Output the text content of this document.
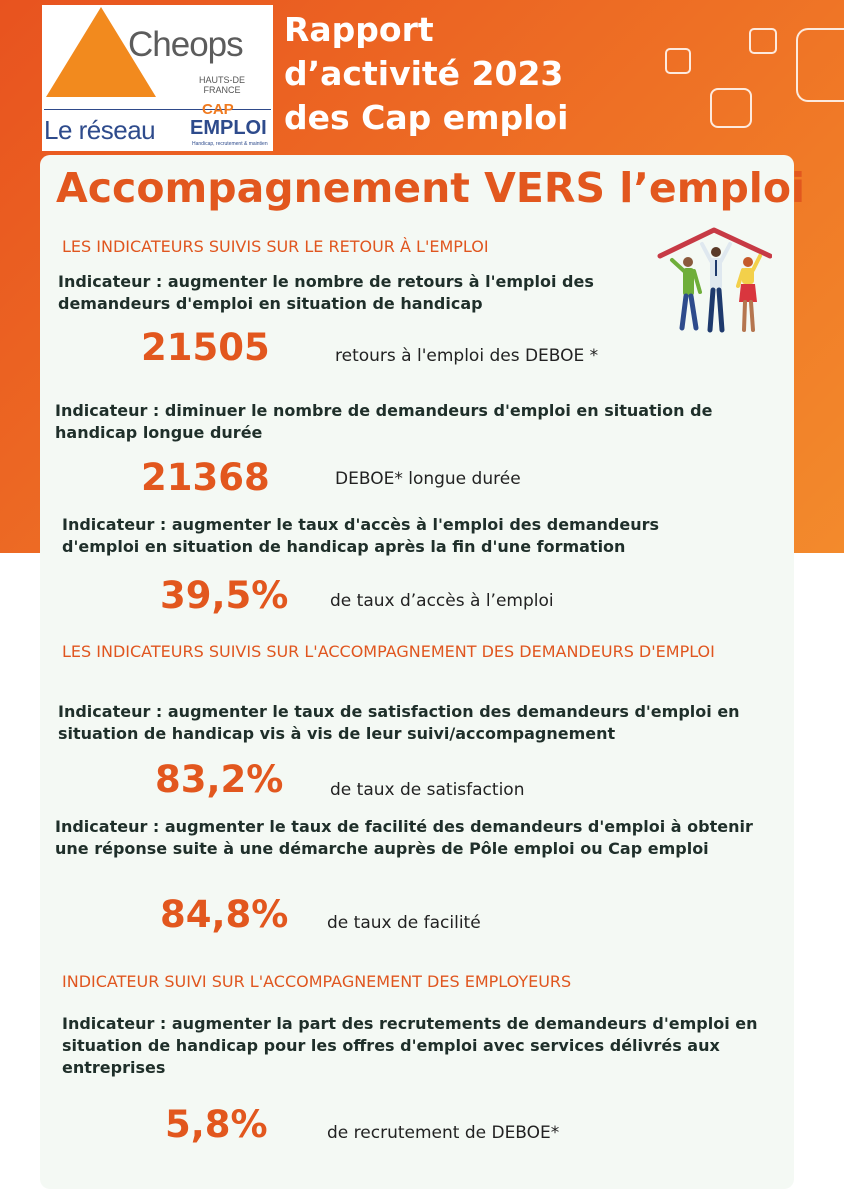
Cheops
HAUTS-DE FRANCE
CAP
Le réseau EMPLOI
Handicap, recrutement & maintien
Rapport
d’activité 2023
des Cap emploi
Accompagnement VERS l’emploi
LES INDICATEURS SUIVIS SUR LE RETOUR À L'EMPLOI
Indicateur : augmenter le nombre de retours à l'emploi des demandeurs d'emploi en situation de handicap
21505	retours à l'emploi des DEBOE *
Indicateur : diminuer le nombre de demandeurs d'emploi en situation de handicap longue durée
21368	DEBOE* longue durée
Indicateur : augmenter le taux d'accès à l'emploi des demandeurs d'emploi en situation de handicap après la fin d'une formation
39,5% de taux d’accès à l’emploi
LES INDICATEURS SUIVIS SUR L'ACCOMPAGNEMENT DES DEMANDEURS D'EMPLOI
Indicateur : augmenter le taux de satisfaction des demandeurs d'emploi en situation de handicap vis à vis de leur suivi/accompagnement
83,2%	de taux de satisfaction
Indicateur : augmenter le taux de facilité des demandeurs d'emploi à obtenir une réponse suite à une démarche auprès de Pôle emploi ou Cap emploi
84,8% de taux de facilité
INDICATEUR SUIVI SUR L'ACCOMPAGNEMENT DES EMPLOYEURS
Indicateur : augmenter la part des recrutements de demandeurs d'emploi en situation de handicap pour les offres d'emploi avec services délivrés aux entreprises
5,8%	de recrutement de DEBOE*
